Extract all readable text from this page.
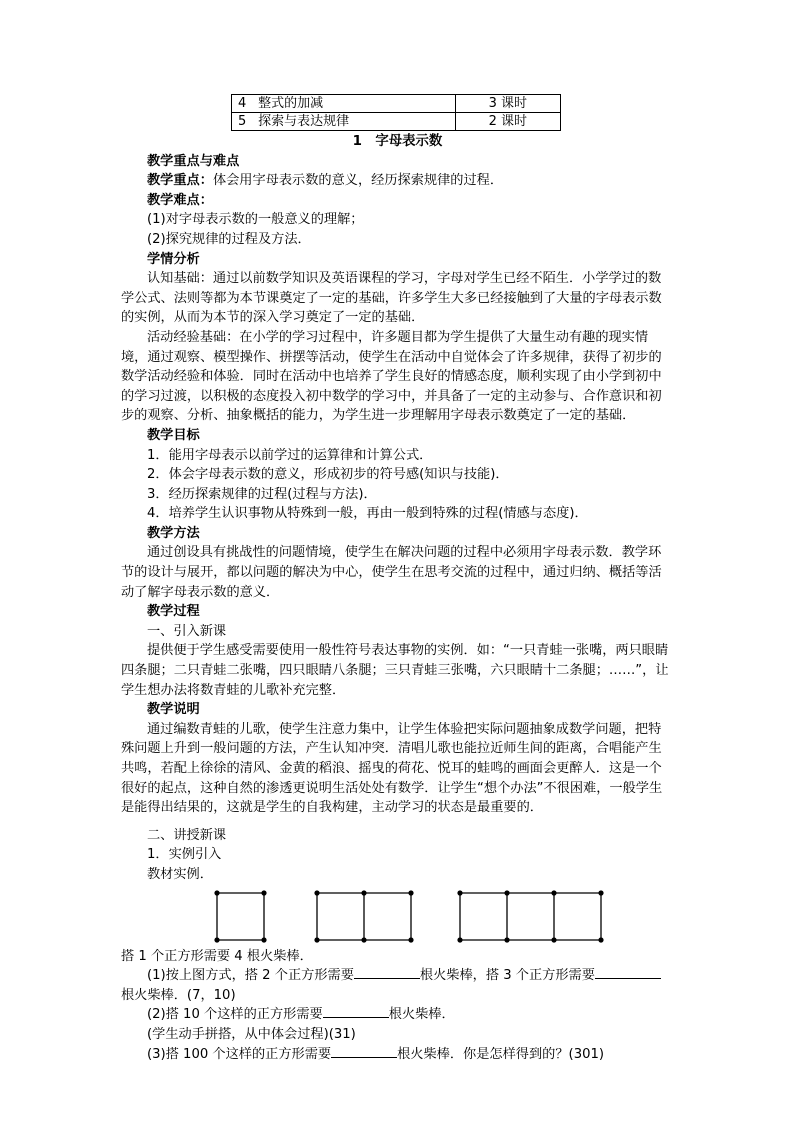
4	整式的加减	3 课时
5	探索与表达规律	2 课时

1　字母表示数

教学重点与难点

教学重点：体会用字母表示数的意义，经历探索规律的过程．

教学难点：

(1)对字母表示数的一般意义的理解；

(2)探究规律的过程及方法．

学情分析

认知基础：通过以前数学知识及英语课程的学习，字母对学生已经不陌生．小学学过的数学公式、法则等都为本节课奠定了一定的基础，许多学生大多已经接触到了大量的字母表示数的实例，从而为本节的深入学习奠定了一定的基础．

活动经验基础：在小学的学习过程中，许多题目都为学生提供了大量生动有趣的现实情境，通过观察、模型操作、拼摆等活动，使学生在活动中自觉体会了许多规律，获得了初步的数学活动经验和体验．同时在活动中也培养了学生良好的情感态度，顺利实现了由小学到初中的学习过渡，以积极的态度投入初中数学的学习中，并具备了一定的主动参与、合作意识和初步的观察、分析、抽象概括的能力，为学生进一步理解用字母表示数奠定了一定的基础．

教学目标

1．能用字母表示以前学过的运算律和计算公式．

2．体会字母表示数的意义，形成初步的符号感(知识与技能)．

3．经历探索规律的过程(过程与方法)．

4．培养学生认识事物从特殊到一般，再由一般到特殊的过程(情感与态度)．

教学方法

通过创设具有挑战性的问题情境，使学生在解决问题的过程中必须用字母表示数．教学环节的设计与展开，都以问题的解决为中心，使学生在思考交流的过程中，通过归纳、概括等活动了解字母表示数的意义．

教学过程

一、引入新课

提供便于学生感受需要使用一般性符号表达事物的实例．如：“一只青蛙一张嘴，两只眼睛四条腿；二只青蛙二张嘴，四只眼睛八条腿；三只青蛙三张嘴，六只眼睛十二条腿；……”，让学生想办法将数青蛙的儿歌补充完整．

教学说明

通过编数青蛙的儿歌，使学生注意力集中，让学生体验把实际问题抽象成数学问题，把特殊问题上升到一般问题的方法，产生认知冲突．清唱儿歌也能拉近师生间的距离，合唱能产生共鸣，若配上徐徐的清风、金黄的稻浪、摇曳的荷花、悦耳的蛙鸣的画面会更醉人．这是一个很好的起点，这种自然的渗透更说明生活处处有数学．让学生“想个办法”不很困难，一般学生是能得出结果的，这就是学生的自我构建，主动学习的状态是最重要的．

二、讲授新课

1．实例引入

教材实例．

搭 1 个正方形需要 4 根火柴棒．

(1)按上图方式，搭 2 个正方形需要	根火柴棒，搭 3 个正方形需要

根火柴棒．(7，10)

(2)搭 10 个这样的正方形需要	根火柴棒．

(学生动手拼搭，从中体会过程)(31)

(3)搭 100 个这样的正方形需要	根火柴棒．你是怎样得到的？(301)
